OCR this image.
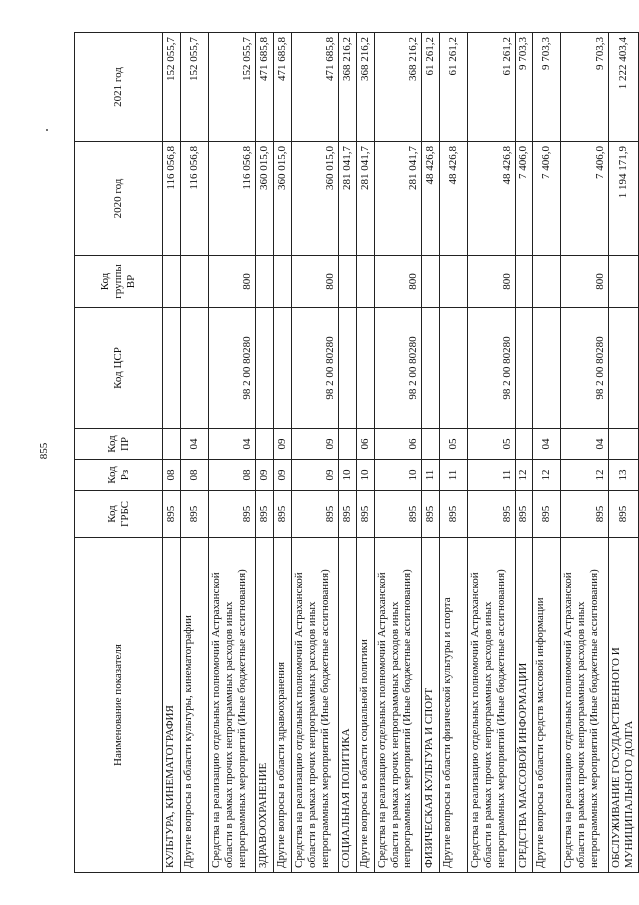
855
Наименование показателя	Код ГРБС	Код Рз	Код ПР	Код ЦСР	Код группы ВР	2020 год	2021 год
КУЛЬТУРА, КИНЕМАТОГРАФИЯ	895	08				116 056,8	152 055,7
Другие вопросы в области культуры, кинематографии	895	08	04			116 056,8	152 055,7
Средства на реализацию отдельных полномочий Астраханской области в рамках прочих непрограммных расходов иных непрограммных мероприятий (Иные бюджетные ассигнования)	895	08	04	98 2 00 80280	800	116 056,8	152 055,7
ЗДРАВООХРАНЕНИЕ	895	09				360 015,0	471 685,8
Другие вопросы в области здравоохранения	895	09	09			360 015,0	471 685,8
Средства на реализацию отдельных полномочий Астраханской области в рамках прочих непрограммных расходов иных непрограммных мероприятий (Иные бюджетные ассигнования)	895	09	09	98 2 00 80280	800	360 015,0	471 685,8
СОЦИАЛЬНАЯ ПОЛИТИКА	895	10				281 041,7	368 216,2
Другие вопросы в области социальной политики	895	10	06			281 041,7	368 216,2
Средства на реализацию отдельных полномочий Астраханской области в рамках прочих непрограммных расходов иных непрограммных мероприятий (Иные бюджетные ассигнования)	895	10	06	98 2 00 80280	800	281 041,7	368 216,2
ФИЗИЧЕСКАЯ КУЛЬТУРА И СПОРТ	895	11				48 426,8	61 261,2
Другие вопросы в области физической культуры и спорта	895	11	05			48 426,8	61 261,2
Средства на реализацию отдельных полномочий Астраханской области в рамках прочих непрограммных расходов иных непрограммных мероприятий (Иные бюджетные ассигнования)	895	11	05	98 2 00 80280	800	48 426,8	61 261,2
СРЕДСТВА МАССОВОЙ ИНФОРМАЦИИ	895	12				7 406,0	9 703,3
Другие вопросы в области средств массовой информации	895	12	04			7 406,0	9 703,3
Средства на реализацию отдельных полномочий Астраханской области в рамках прочих непрограммных расходов иных непрограммных мероприятий (Иные бюджетные ассигнования)	895	12	04	98 2 00 80280	800	7 406,0	9 703,3
ОБСЛУЖИВАНИЕ ГОСУДАРСТВЕННОГО И МУНИЦИПАЛЬНОГО ДОЛГА	895	13				1 194 171,9	1 222 403,4
